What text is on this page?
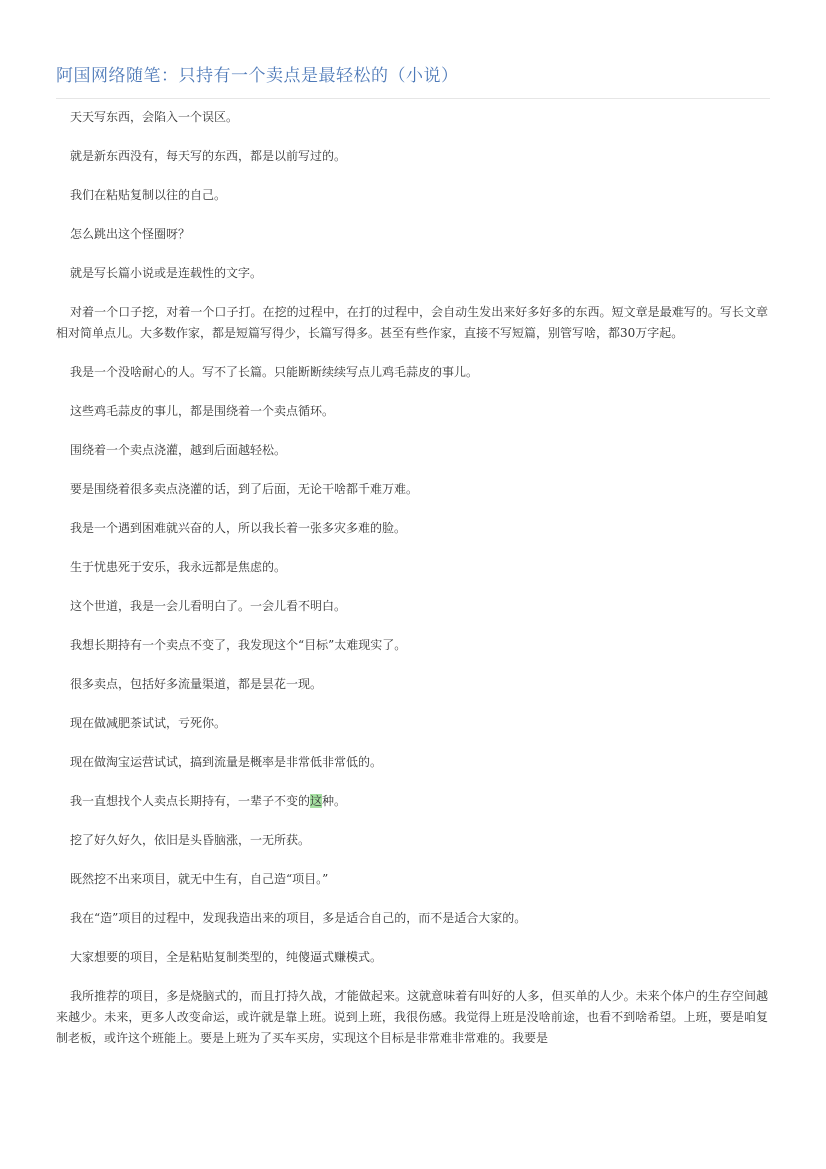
阿国网络随笔：只持有一个卖点是最轻松的（小说）

天天写东西，会陷入一个误区。

就是新东西没有，每天写的东西，都是以前写过的。

我们在粘贴复制以往的自己。

怎么跳出这个怪圈呀？

就是写长篇小说或是连载性的文字。

对着一个口子挖，对着一个口子打。在挖的过程中，在打的过程中，会自动生发出来好多好多的东西。短文章是最难写的。写长文章相对简单点儿。大多数作家，都是短篇写得少，长篇写得多。甚至有些作家，直接不写短篇，别管写啥，都30万字起。

我是一个没啥耐心的人。写不了长篇。只能断断续续写点儿鸡毛蒜皮的事儿。

这些鸡毛蒜皮的事儿，都是围绕着一个卖点循环。

围绕着一个卖点浇灌，越到后面越轻松。

要是围绕着很多卖点浇灌的话，到了后面，无论干啥都千难万难。

我是一个遇到困难就兴奋的人，所以我长着一张多灾多难的脸。

生于忧患死于安乐，我永远都是焦虑的。

这个世道，我是一会儿看明白了。一会儿看不明白。

我想长期持有一个卖点不变了，我发现这个“目标”太难现实了。

很多卖点，包括好多流量渠道，都是昙花一现。

现在做减肥茶试试，亏死你。

现在做淘宝运营试试，搞到流量是概率是非常低非常低的。

我一直想找个人卖点长期持有，一辈子不变的这种。

挖了好久好久，依旧是头昏脑涨，一无所获。

既然挖不出来项目，就无中生有，自己造“项目。”

我在“造”项目的过程中，发现我造出来的项目，多是适合自己的，而不是适合大家的。

大家想要的项目，全是粘贴复制类型的，纯傻逼式赚模式。

我所推荐的项目，多是烧脑式的，而且打持久战，才能做起来。这就意味着有叫好的人多，但买单的人少。未来个体户的生存空间越来越少。未来，更多人改变命运，或许就是靠上班。说到上班，我很伤感。我觉得上班是没啥前途，也看不到啥希望。上班，要是咱复制老板，或许这个班能上。要是上班为了买车买房，实现这个目标是非常难非常难的。我要是
